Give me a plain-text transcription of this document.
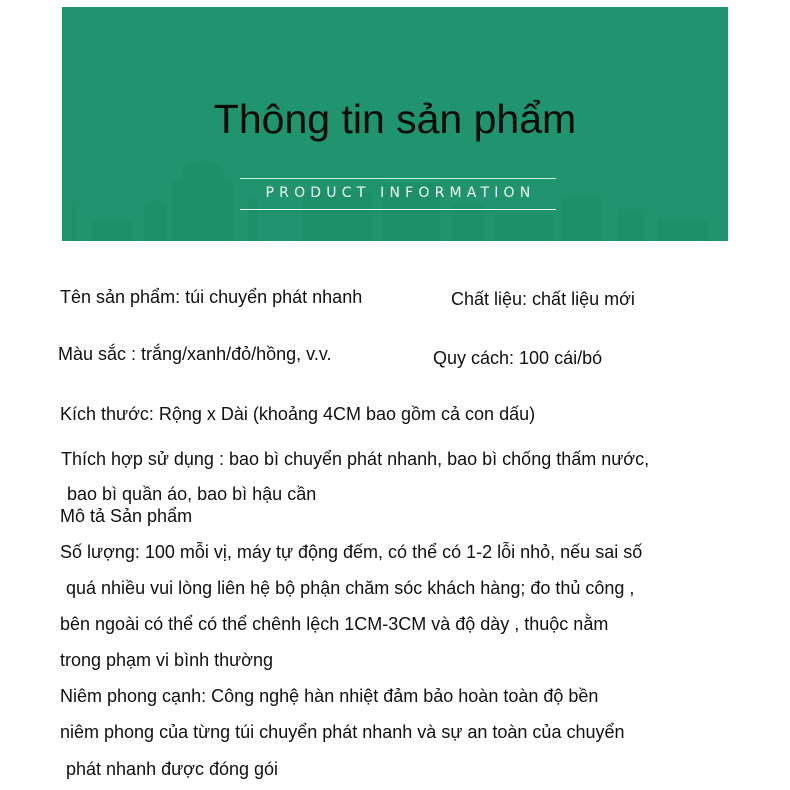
Thông tin sản phẩm
PRODUCT INFORMATION
Tên sản phẩm: túi chuyển phát nhanh	Chất liệu: chất liệu mới
Màu sắc : trắng/xanh/đỏ/hồng, v.v.	Quy cách: 100 cái/bó
Kích thước: Rộng x Dài (khoảng 4CM bao gồm cả con dấu)
Thích hợp sử dụng : bao bì chuyển phát nhanh, bao bì chống thấm nước,
bao bì quần áo, bao bì hậu cần
Mô tả Sản phẩm
Số lượng: 100 mỗi vị, máy tự động đếm, có thể có 1-2 lỗi nhỏ, nếu sai số
quá nhiều vui lòng liên hệ bộ phận chăm sóc khách hàng; đo thủ công ,
bên ngoài có thể có thể chênh lệch 1CM-3CM và độ dày , thuộc nằm
trong phạm vi bình thường
Niêm phong cạnh: Công nghệ hàn nhiệt đảm bảo hoàn toàn độ bền
niêm phong của từng túi chuyển phát nhanh và sự an toàn của chuyển
phát nhanh được đóng gói
